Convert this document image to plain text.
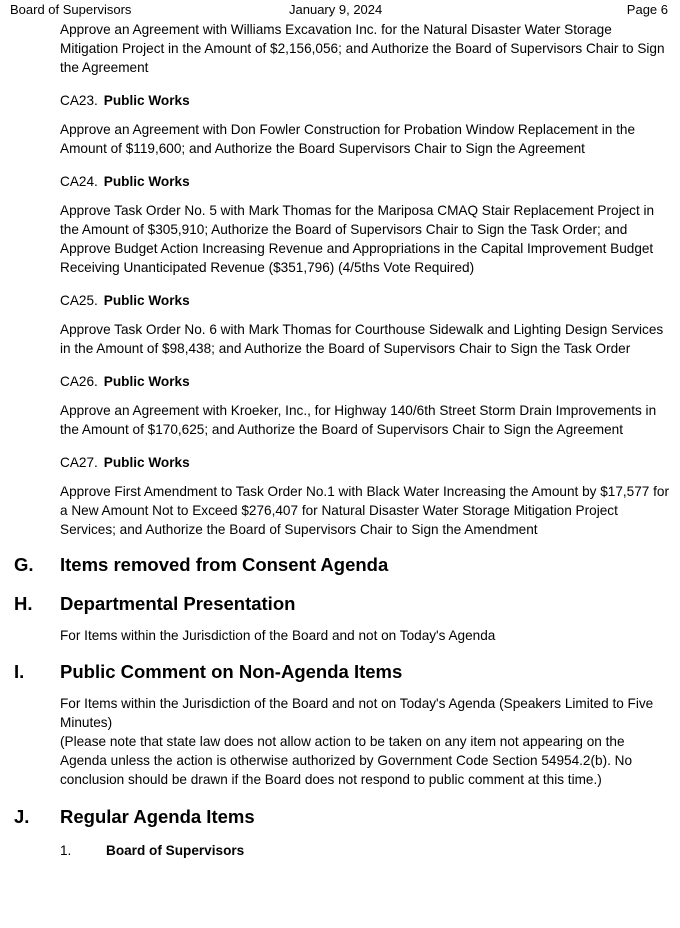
Board of Supervisors	January 9, 2024	Page 6
Approve an Agreement with Williams Excavation Inc. for the Natural Disaster Water Storage Mitigation Project in the Amount of $2,156,056; and Authorize the Board of Supervisors Chair to Sign the Agreement
CA23. Public Works
Approve an Agreement with Don Fowler Construction for Probation Window Replacement in the Amount of $119,600; and Authorize the Board Supervisors Chair to Sign the Agreement
CA24. Public Works
Approve Task Order No. 5 with Mark Thomas for the Mariposa CMAQ Stair Replacement Project in the Amount of $305,910; Authorize the Board of Supervisors Chair to Sign the Task Order; and Approve Budget Action Increasing Revenue and Appropriations in the Capital Improvement Budget Receiving Unanticipated Revenue ($351,796) (4/5ths Vote Required)
CA25. Public Works
Approve Task Order No. 6 with Mark Thomas for Courthouse Sidewalk and Lighting Design Services in the Amount of $98,438; and Authorize the Board of Supervisors Chair to Sign the Task Order
CA26. Public Works
Approve an Agreement with Kroeker, Inc., for Highway 140/6th Street Storm Drain Improvements in the Amount of $170,625; and Authorize the Board of Supervisors Chair to Sign the Agreement
CA27. Public Works
Approve First Amendment to Task Order No.1 with Black Water Increasing the Amount by $17,577 for a New Amount Not to Exceed $276,407 for Natural Disaster Water Storage Mitigation Project Services; and Authorize the Board of Supervisors Chair to Sign the Amendment
G. Items removed from Consent Agenda
H. Departmental Presentation
For Items within the Jurisdiction of the Board and not on Today's Agenda
I. Public Comment on Non-Agenda Items
For Items within the Jurisdiction of the Board and not on Today's Agenda (Speakers Limited to Five Minutes)
(Please note that state law does not allow action to be taken on any item not appearing on the Agenda unless the action is otherwise authorized by Government Code Section 54954.2(b). No conclusion should be drawn if the Board does not respond to public comment at this time.)
J. Regular Agenda Items
1.	Board of Supervisors
